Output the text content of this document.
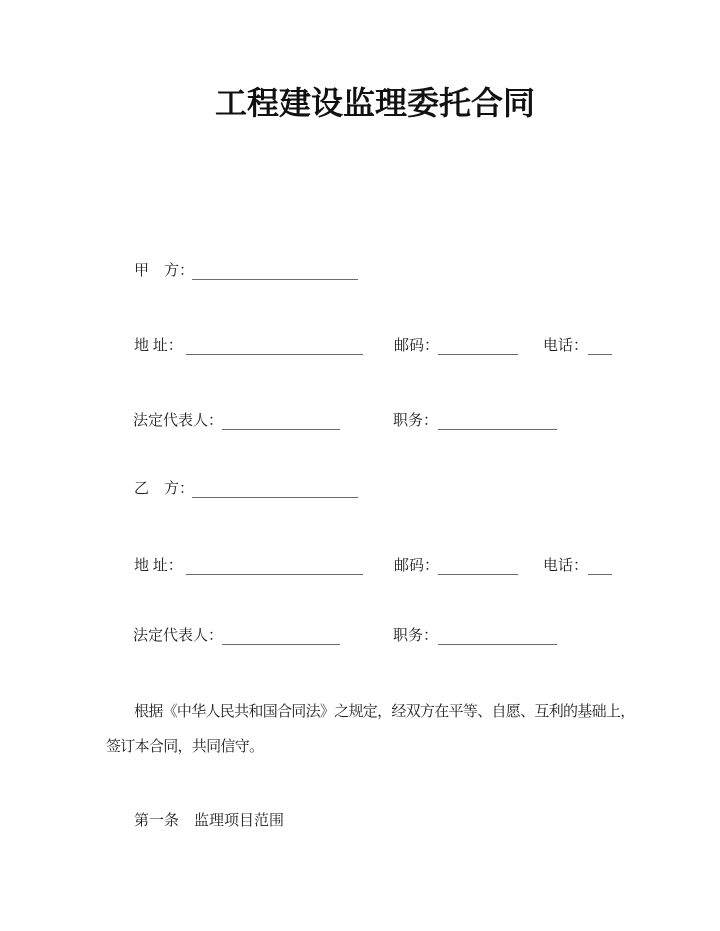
工程建设监理委托合同
甲　方：
地 址：	邮码：	电话：
法定代表人：	职务：
乙　方：
地 址：	邮码：	电话：
法定代表人：	职务：
根据《中华人民共和国合同法》之规定，经双方在平等、自愿、互利的基础上，
签订本合同，共同信守。
第一条　监理项目范围
